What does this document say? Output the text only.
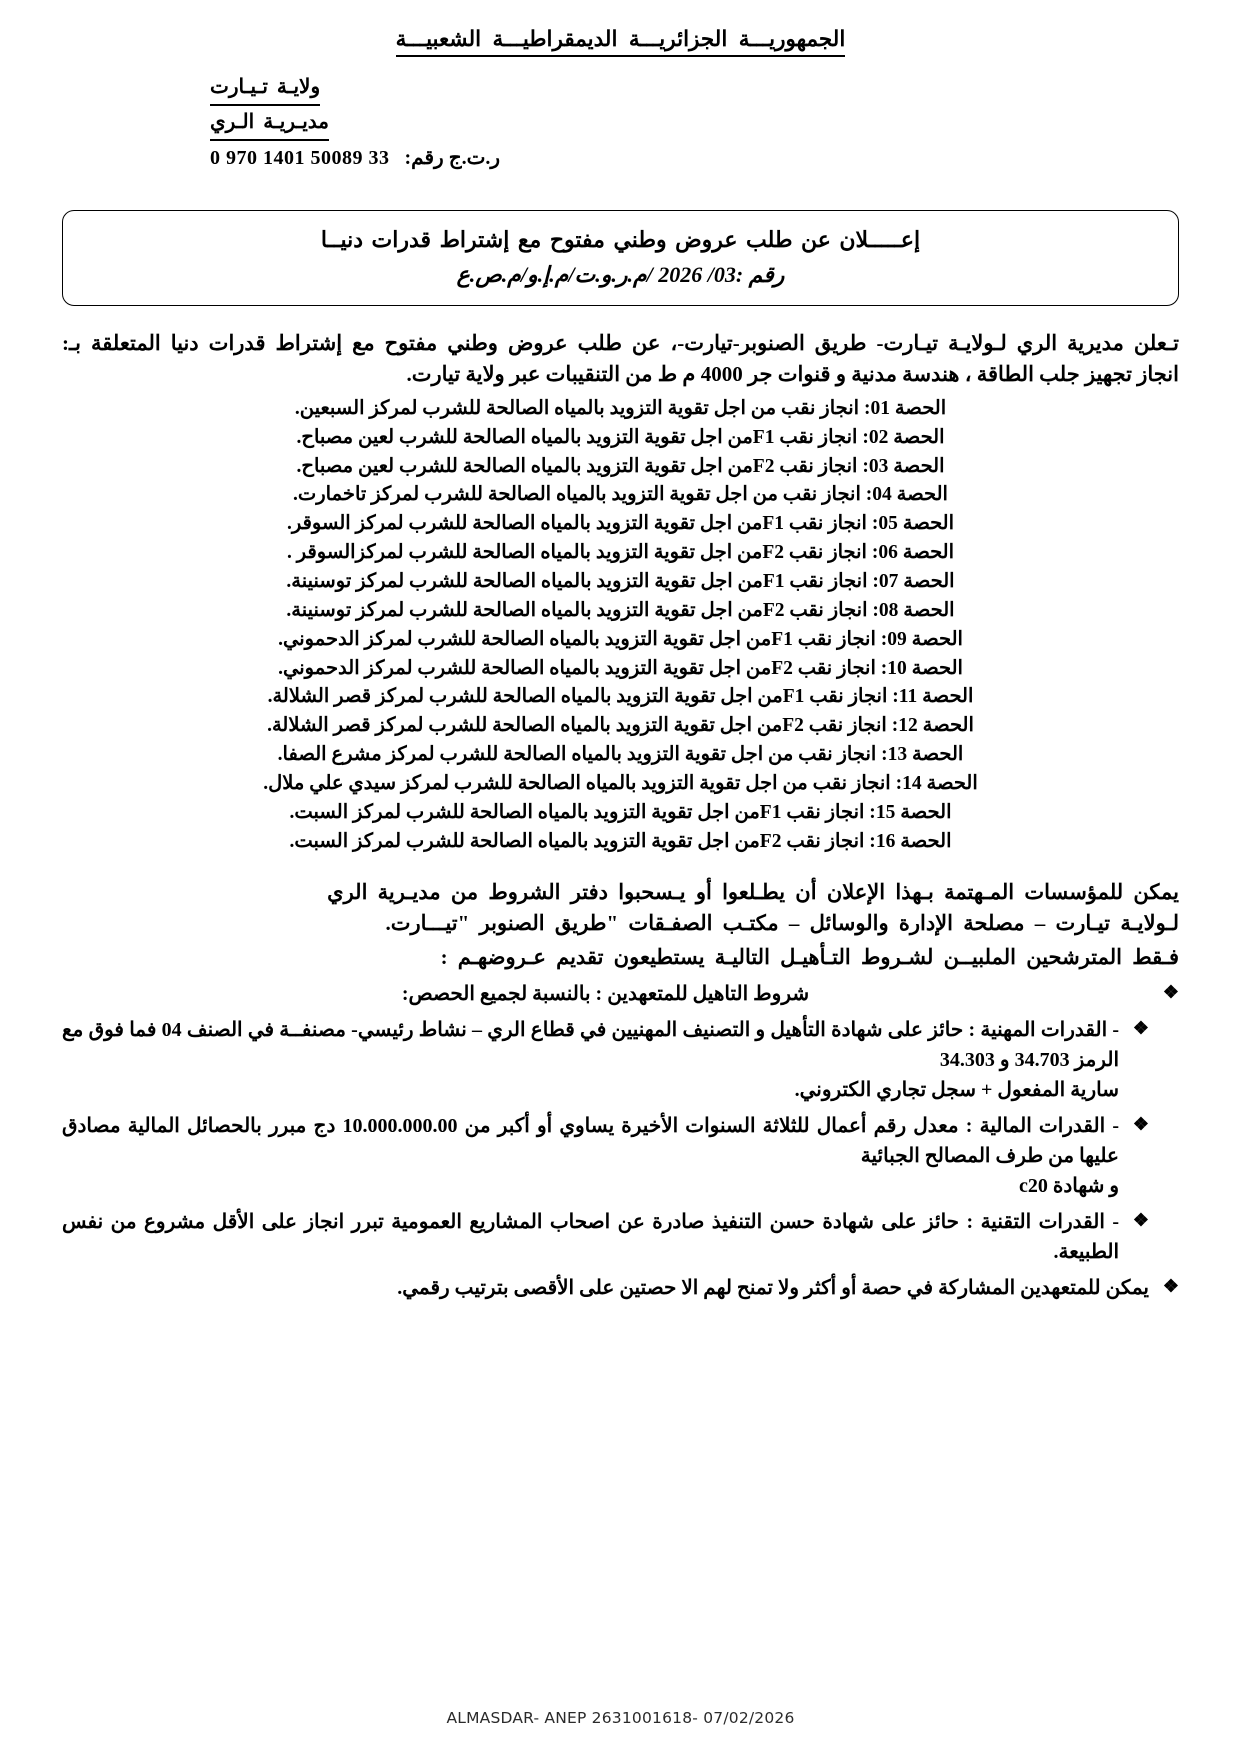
الجمهوريـــة الجزائريـــة الديمقراطيـــة الشعبيـــة
ولايـة تـيـارت
مديـريـة الـري
ر.ت.ج رقم: 0 970 1401 50089 33
إعـــــلان عن طلب عروض وطني مفتوح مع إشتراط قدرات دنيــا
رقم :03/ 2026 /م.ر.و.ت/م.إ.و/م.ص.ع
تـعلن مديرية الري لـولايـة تيـارت- طريق الصنوبر-تيارت-، عن طلب عروض وطني مفتوح مع إشتراط قدرات دنيا المتعلقة بـ: انجاز تجهيز جلب الطاقة ، هندسة مدنية و قنوات جر 4000 م ط من التنقيبات عبر ولاية تيارت.
الحصة 01: انجاز نقب من اجل تقوية التزويد بالمياه الصالحة للشرب لمركز السبعين.
الحصة 02: انجاز نقب F1من اجل تقوية التزويد بالمياه الصالحة للشرب لعين مصباح.
الحصة 03: انجاز نقب F2من اجل تقوية التزويد بالمياه الصالحة للشرب لعين مصباح.
الحصة 04: انجاز نقب من اجل تقوية التزويد بالمياه الصالحة للشرب لمركز تاخمارت.
الحصة 05: انجاز نقب F1من اجل تقوية التزويد بالمياه الصالحة للشرب لمركز السوقر.
الحصة 06: انجاز نقب F2من اجل تقوية التزويد بالمياه الصالحة للشرب لمركزالسوقر .
الحصة 07: انجاز نقب F1من اجل تقوية التزويد بالمياه الصالحة للشرب لمركز توسنينة.
الحصة 08: انجاز نقب F2من اجل تقوية التزويد بالمياه الصالحة للشرب لمركز توسنينة.
الحصة 09: انجاز نقب F1من اجل تقوية التزويد بالمياه الصالحة للشرب لمركز الدحموني.
الحصة 10: انجاز نقب F2من اجل تقوية التزويد بالمياه الصالحة للشرب لمركز الدحموني.
الحصة 11: انجاز نقب F1من اجل تقوية التزويد بالمياه الصالحة للشرب لمركز قصر الشلالة.
الحصة 12: انجاز نقب F2من اجل تقوية التزويد بالمياه الصالحة للشرب لمركز قصر الشلالة.
الحصة 13: انجاز نقب من اجل تقوية التزويد بالمياه الصالحة للشرب لمركز مشرع الصفا.
الحصة 14: انجاز نقب من اجل تقوية التزويد بالمياه الصالحة للشرب لمركز سيدي علي ملال.
الحصة 15: انجاز نقب F1من اجل تقوية التزويد بالمياه الصالحة للشرب لمركز السبت.
الحصة 16: انجاز نقب F2من اجل تقوية التزويد بالمياه الصالحة للشرب لمركز السبت.
يمكن للمؤسسات المـهتمة بـهذا الإعلان أن يطـلعوا أو يـسحبوا دفتر الشروط من مديـرية الري
لـولايـة تيـارت – مصلحة الإدارة والوسائل – مكتـب الصفـقات "طريق الصنوبر "تيـــارت.
فـقط المترشحين الملبيــن لشـروط التـأهيـل التاليـة يستطيعون تقديم عـروضهـم :
❖
شروط التاهيل للمتعهدين : بالنسبة لجميع الحصص:
❖
- القدرات المهنية : حائز على شهادة التأهيل و التصنيف المهنيين في قطاع الري – نشاط رئيسي- مصنفــة في الصنف 04 فما فوق مع الرمز 34.703 و 34.303
سارية المفعول + سجل تجاري الكتروني.
❖
- القدرات المالية : معدل رقم أعمال للثلاثة السنوات الأخيرة يساوي أو أكبر من 10.000.000.00 دج مبرر بالحصائل المالية مصادق عليها من طرف المصالح الجبائية
و شهادة c20
❖
- القدرات التقنية : حائز على شهادة حسن التنفيذ صادرة عن اصحاب المشاريع العمومية تبرر انجاز على الأقل مشروع من نفس الطبيعة.
❖
يمكن للمتعهدين المشاركة في حصة أو أكثر ولا تمنح لهم الا حصتين على الأقصى بترتيب رقمي.
ALMASDAR- ANEP 2631001618- 07/02/2026
